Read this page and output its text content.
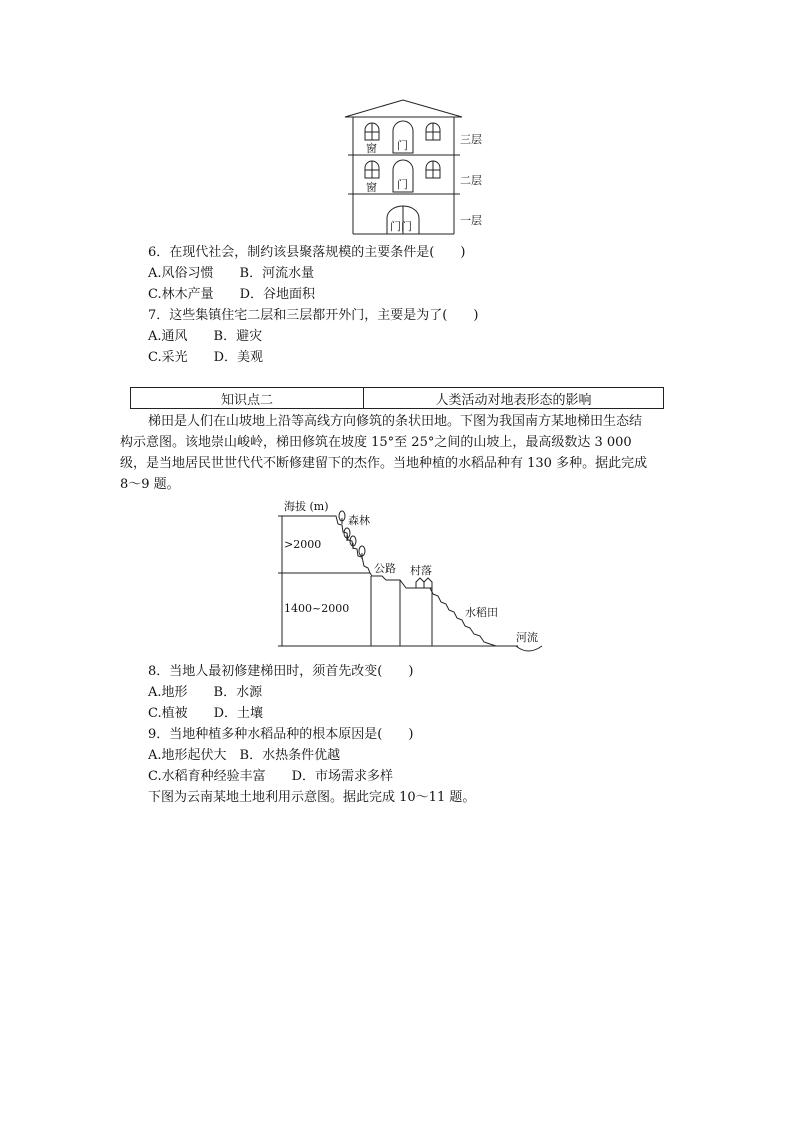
窗 门
窗 门
门门
三层
二层
一层
6．在现代社会，制约该县聚落规模的主要条件是(　　)
A.风俗习惯　　B．河流水量
C.林木产量　　D．谷地面积
7．这些集镇住宅二层和三层都开外门，主要是为了(　　)
A.通风　　B．避灾
C.采光　　D．美观
知识点二	人类活动对地表形态的影响
梯田是人们在山坡地上沿等高线方向修筑的条状田地。下图为我国南方某地梯田生态结
构示意图。该地崇山峻岭，梯田修筑在坡度 15°至 25°之间的山坡上，最高级数达 3 000
级，是当地居民世世代代不断修建留下的杰作。当地种植的水稻品种有 130 多种。据此完成
8～9 题。
海拔 (m)
森林
>2000
1400~2000
公路 村落
水稻田
河流
8．当地人最初修建梯田时，须首先改变(　　)
A.地形　　B．水源
C.植被　　D．土壤
9．当地种植多种水稻品种的根本原因是(　　)
A.地形起伏大　B．水热条件优越
C.水稻育种经验丰富　　D．市场需求多样
下图为云南某地土地利用示意图。据此完成 10～11 题。
